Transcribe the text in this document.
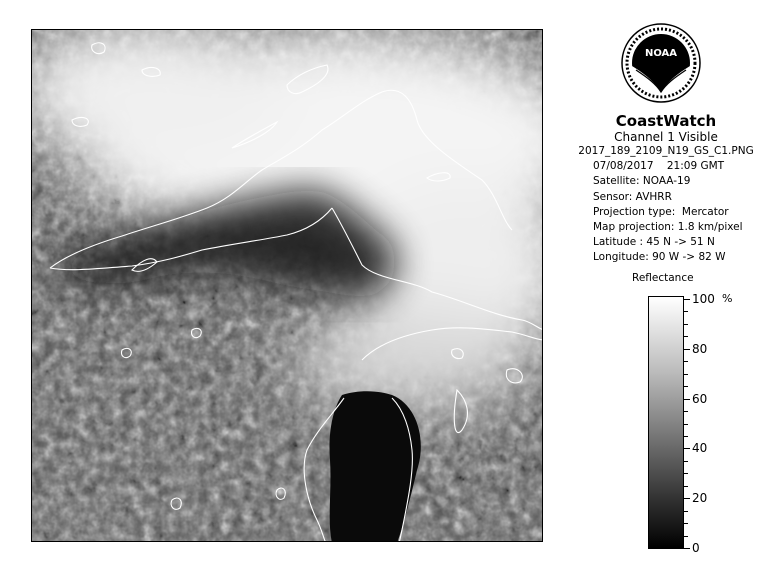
NOAA
CoastWatch
Channel 1 Visible
2017_189_2109_N19_GS_C1.PNG
07/08/2017    21:09 GMT
Satellite: NOAA-19
Sensor: AVHRR
Projection type:  Mercator
Map projection: 1.8 km/pixel
Latitude : 45 N -> 51 N
Longitude: 90 W -> 82 W
Reflectance
%
100
80
60
40
20
0
